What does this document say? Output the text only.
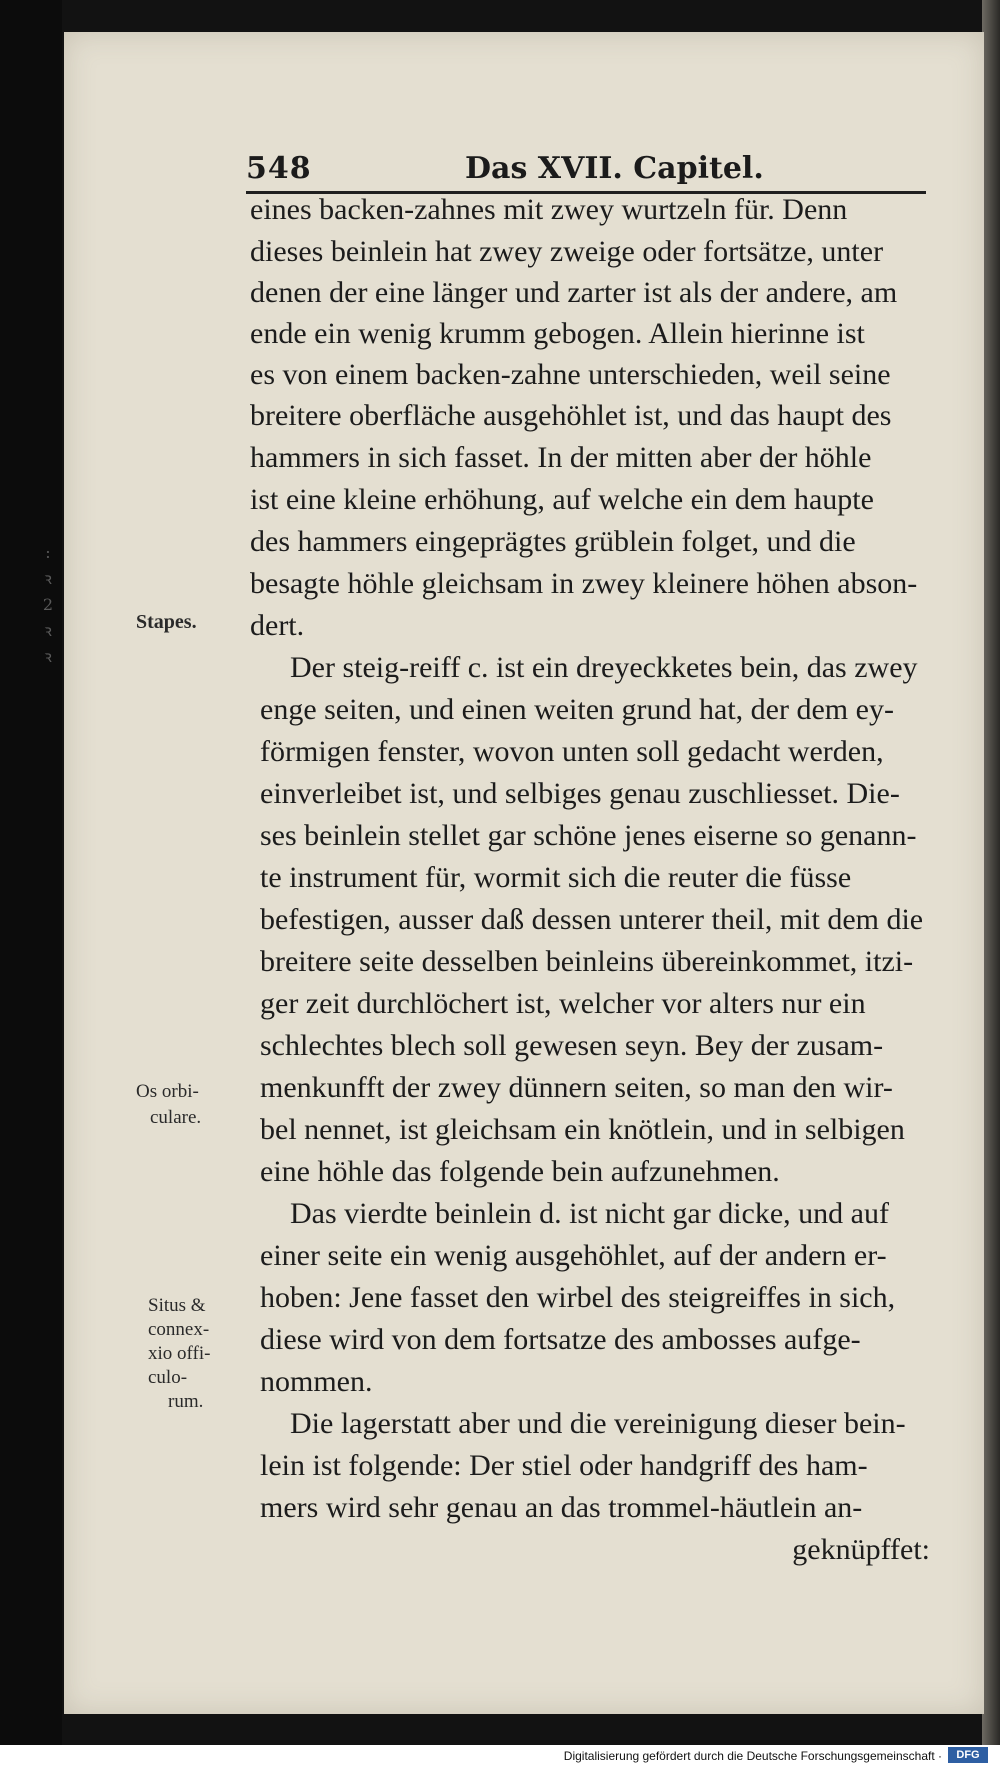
:
ꝛ
2
ꝛ
ꝛ
548	Das XVII. Capitel.
Stapes.
Os orbi-
culare.
Situs &
connex-
xio offi-
culo-
rum.
eines backen-zahnes mit zwey wurtzeln für. Denn
dieses beinlein hat zwey zweige oder fortsätze, unter
denen der eine länger und zarter ist als der andere, am
ende ein wenig krumm gebogen. Allein hierinne ist
es von einem backen-zahne unterschieden, weil seine
breitere oberfläche ausgehöhlet ist, und das haupt des
hammers in sich fasset. In der mitten aber der höhle
ist eine kleine erhöhung, auf welche ein dem haupte
des hammers eingeprägtes grüblein folget, und die
besagte höhle gleichsam in zwey kleinere höhen abson-
dert.
Der steig-reiff c. ist ein dreyeckketes bein, das zwey
enge seiten, und einen weiten grund hat, der dem ey-
förmigen fenster, wovon unten soll gedacht werden,
einverleibet ist, und selbiges genau zuschliesset. Die-
ses beinlein stellet gar schöne jenes eiserne so genann-
te instrument für, wormit sich die reuter die füsse
befestigen, ausser daß dessen unterer theil, mit dem die
breitere seite desselben beinleins übereinkommet, itzi-
ger zeit durchlöchert ist, welcher vor alters nur ein
schlechtes blech soll gewesen seyn. Bey der zusam-
menkunfft der zwey dünnern seiten, so man den wir-
bel nennet, ist gleichsam ein knötlein, und in selbigen
eine höhle das folgende bein aufzunehmen.
Das vierdte beinlein d. ist nicht gar dicke, und auf
einer seite ein wenig ausgehöhlet, auf der andern er-
hoben: Jene fasset den wirbel des steigreiffes in sich,
diese wird von dem fortsatze des ambosses aufge-
nommen.
Die lagerstatt aber und die vereinigung dieser bein-
lein ist folgende: Der stiel oder handgriff des ham-
mers wird sehr genau an das trommel-häutlein an-
geknüpffet:
Digitalisierung gefördert durch die Deutsche Forschungsgemeinschaft ·	DFG
